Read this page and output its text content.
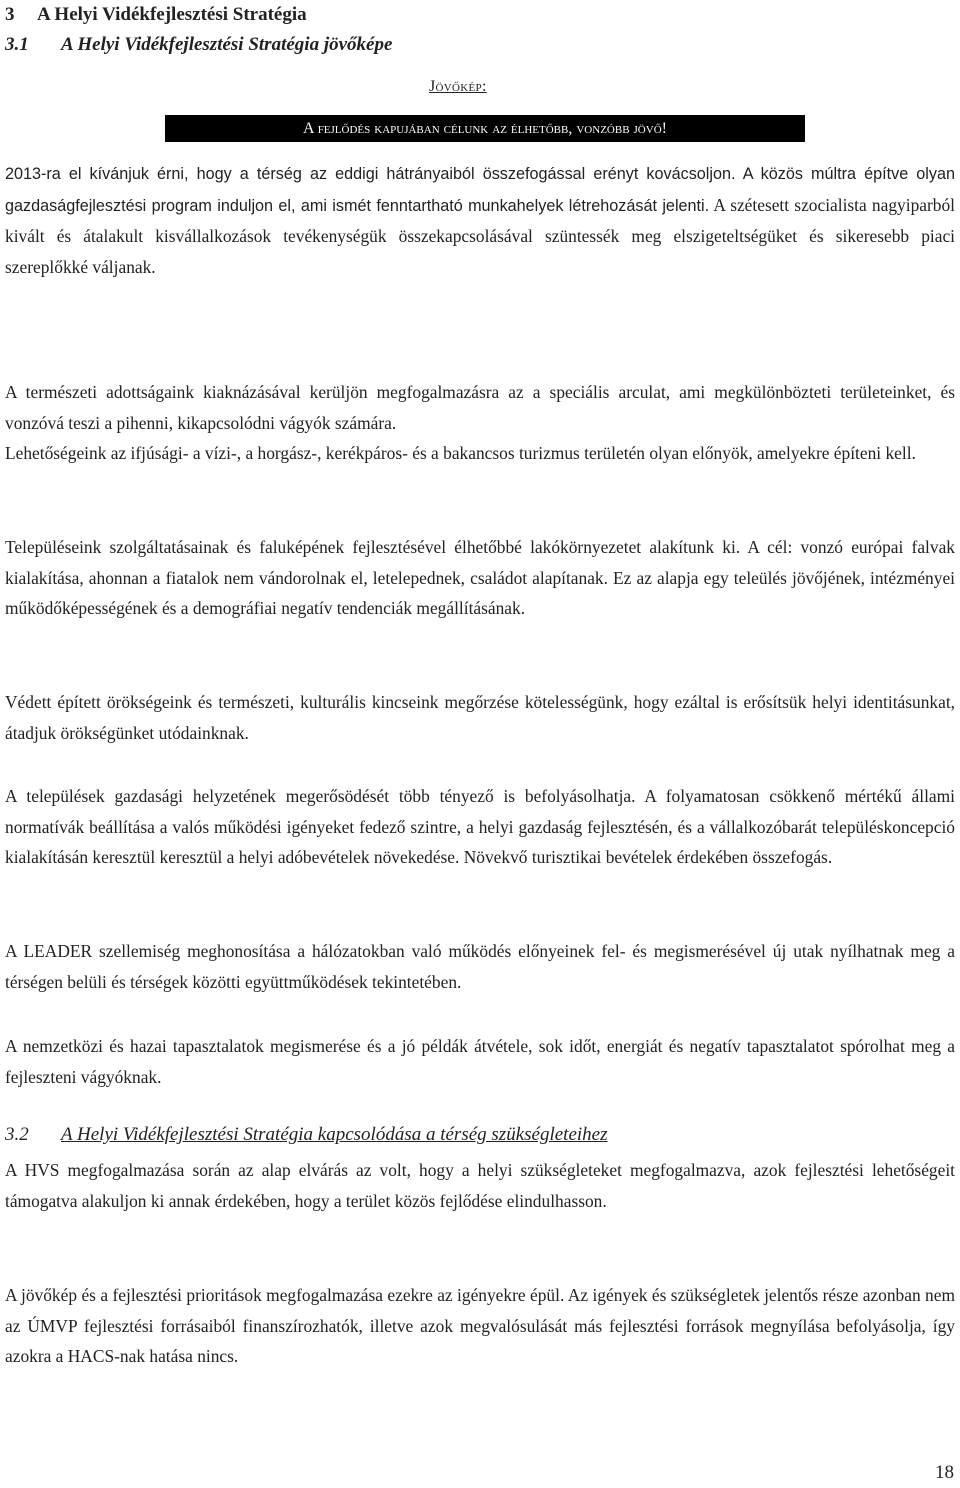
3 A Helyi Vidékfejlesztési Stratégia
3.1 A Helyi Vidékfejlesztési Stratégia jövőképe
Jövőkép:
A fejlődés kapujában célunk az élhetőbb, vonzóbb jövő!
2013-ra el kívánjuk érni, hogy a térség az eddigi hátrányaiból összefogással erényt kovácsoljon. A közös múltra építve olyan gazdaságfejlesztési program induljon el, ami ismét fenntartható munkahelyek létrehozását jelenti. A szétesett szocialista nagyiparból kivált és átalakult kisvállalkozások tevékenységük összekapcsolásával szüntessék meg elszigeteltségüket és sikeresebb piaci szereplőkké váljanak.
A természeti adottságaink kiaknázásával kerüljön megfogalmazásra az a speciális arculat, ami megkülönbözteti területeinket, és vonzóvá teszi a pihenni, kikapcsolódni vágyók számára.
Lehetőségeink az ifjúsági- a vízi-, a horgász-, kerékpáros- és a bakancsos turizmus területén olyan előnyök, amelyekre építeni kell.
Településeink szolgáltatásainak és faluképének fejlesztésével élhetőbbé lakókörnyezetet alakítunk ki. A cél: vonzó európai falvak kialakítása, ahonnan a fiatalok nem vándorolnak el, letelepednek, családot alapítanak. Ez az alapja egy teleülés jövőjének, intézményei működőképességének és a demográfiai negatív tendenciák megállításának.
Védett épített örökségeink és természeti, kulturális kincseink megőrzése kötelességünk, hogy ezáltal is erősítsük helyi identitásunkat, átadjuk örökségünket utódainknak.
A települések gazdasági helyzetének megerősödését több tényező is befolyásolhatja. A folyamatosan csökkenő mértékű állami normatívák beállítása a valós működési igényeket fedező szintre, a helyi gazdaság fejlesztésén, és a vállalkozóbarát településkoncepció kialakításán keresztül keresztül a helyi adóbevételek növekedése. Növekvő turisztikai bevételek érdekében összefogás.
A LEADER szellemiség meghonosítása a hálózatokban való működés előnyeinek fel- és megismerésével új utak nyílhatnak meg a térségen belüli és térségek közötti együttműködések tekintetében.
A nemzetközi és hazai tapasztalatok megismerése és a jó példák átvétele, sok időt, energiát és negatív tapasztalatot spórolhat meg a fejleszteni vágyóknak.
3.2 A Helyi Vidékfejlesztési Stratégia kapcsolódása a térség szükségleteihez
A HVS megfogalmazása során az alap elvárás az volt, hogy a helyi szükségleteket megfogalmazva, azok fejlesztési lehetőségeit támogatva alakuljon ki annak érdekében, hogy a terület közös fejlődése elindulhasson.
A jövőkép és a fejlesztési prioritások megfogalmazása ezekre az igényekre épül. Az igények és szükségletek jelentős része azonban nem az ÚMVP fejlesztési forrásaiból finanszírozhatók, illetve azok megvalósulását más fejlesztési források megnyílása befolyásolja, így azokra a HACS-nak hatása nincs.
18
